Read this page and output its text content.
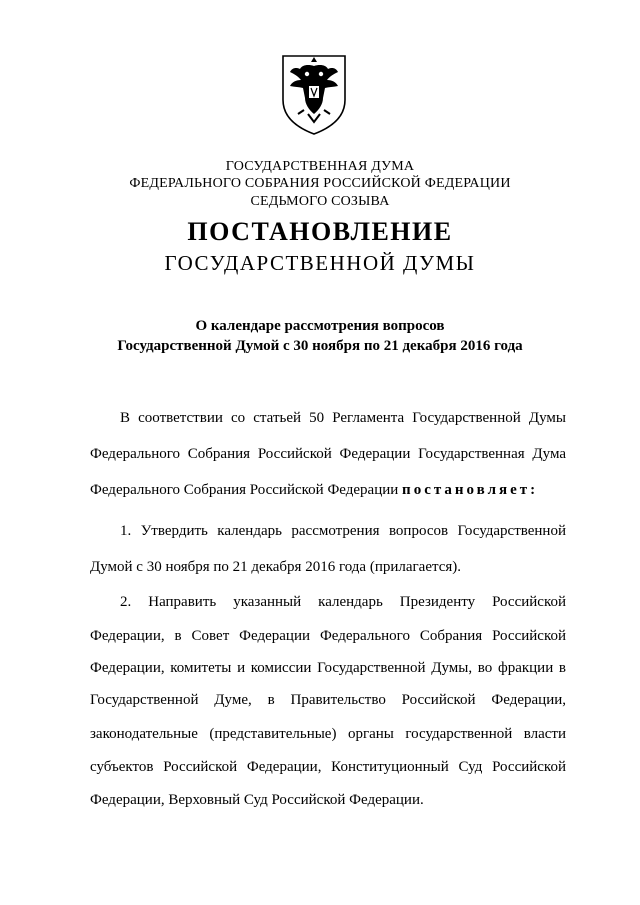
ГОСУДАРСТВЕННАЯ ДУМА
ФЕДЕРАЛЬНОГО СОБРАНИЯ РОССИЙСКОЙ ФЕДЕРАЦИИ
СЕДЬМОГО СОЗЫВА
ПОСТАНОВЛЕНИЕ
ГОСУДАРСТВЕННОЙ ДУМЫ
О календаре рассмотрения вопросов
Государственной Думой с 30 ноября по 21 декабря 2016 года
В соответствии со статьей 50 Регламента Государственной Думы
Федерального Собрания Российской Федерации Государственная Дума
Федерального Собрания Российской Федерации постановляет:
1. Утвердить календарь рассмотрения вопросов Государственной
Думой с 30 ноября по 21 декабря 2016 года (прилагается).
2. Направить указанный календарь Президенту Российской
Федерации, в Совет Федерации Федерального Собрания Российской
Федерации, комитеты и комиссии Государственной Думы, во фракции в
Государственной Думе, в Правительство Российской Федерации,
законодательные (представительные) органы государственной власти
субъектов Российской Федерации, Конституционный Суд Российской
Федерации, Верховный Суд Российской Федерации.
